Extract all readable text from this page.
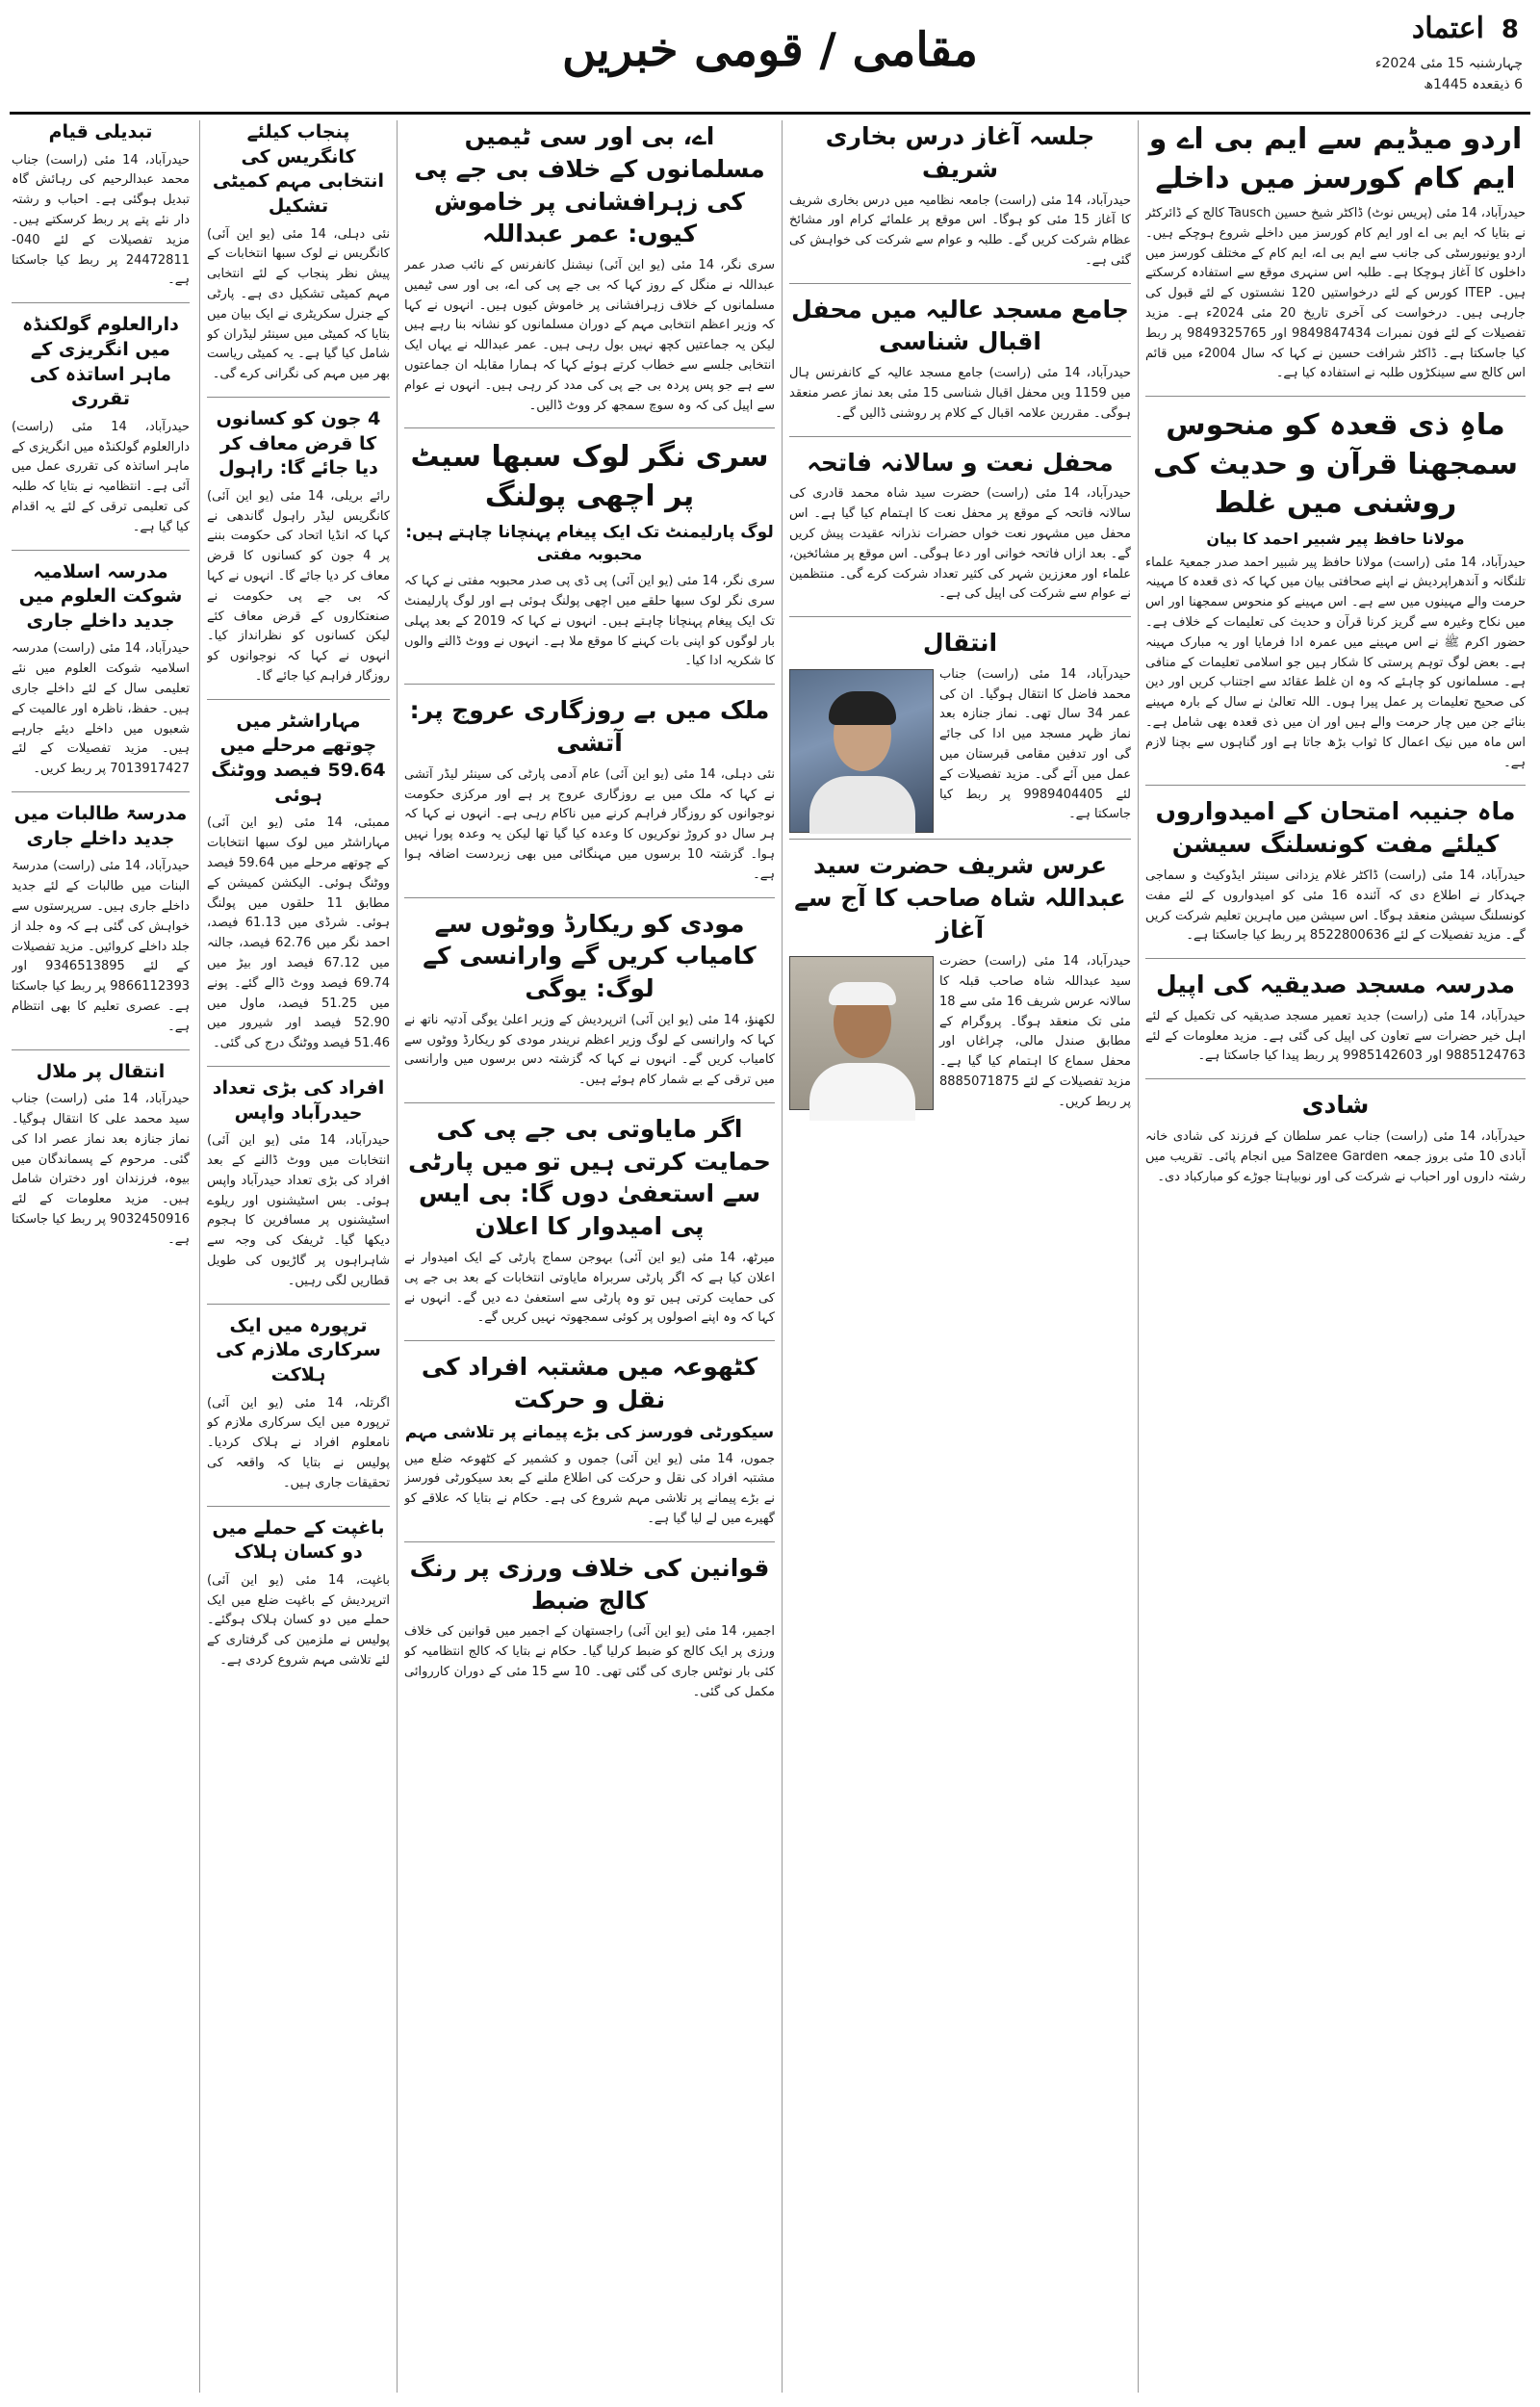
8
اعتماد
چہارشنبہ 15 مئی 2024ء
6 ذیقعدہ 1445ھ
مقامی / قومی خبریں
اردو میڈیم سے ایم بی اے و ایم کام کورسز میں داخلے
حیدرآباد، 14 مئی (پریس نوٹ) ڈاکٹر شیخ حسین Tausch کالج کے ڈائرکٹر نے بتایا کہ ایم بی اے اور ایم کام کورسز میں داخلے شروع ہوچکے ہیں۔ اردو یونیورسٹی کی جانب سے ایم بی اے، ایم کام کے مختلف کورسز میں داخلوں کا آغاز ہوچکا ہے۔ طلبہ اس سنہری موقع سے استفادہ کرسکتے ہیں۔ ITEP کورس کے لئے درخواستیں 120 نشستوں کے لئے قبول کی جارہی ہیں۔ درخواست کی آخری تاریخ 20 مئی 2024ء ہے۔ مزید تفصیلات کے لئے فون نمبرات 9849847434 اور 9849325765 پر ربط کیا جاسکتا ہے۔ ڈاکٹر شرافت حسین نے کہا کہ سال 2004ء میں قائم اس کالج سے سینکڑوں طلبہ نے استفادہ کیا ہے۔
ماہِ ذی قعدہ کو منحوس سمجھنا قرآن و حدیث کی روشنی میں غلط
مولانا حافظ پیر شبیر احمد کا بیان
حیدرآباد، 14 مئی (راست) مولانا حافظ پیر شبیر احمد صدر جمعیۃ علماء تلنگانہ و آندھراپردیش نے اپنے صحافتی بیان میں کہا کہ ذی قعدہ کا مہینہ حرمت والے مہینوں میں سے ہے۔ اس مہینے کو منحوس سمجھنا اور اس میں نکاح وغیرہ سے گریز کرنا قرآن و حدیث کی تعلیمات کے خلاف ہے۔ حضور اکرم ﷺ نے اس مہینے میں عمرہ ادا فرمایا اور یہ مبارک مہینہ ہے۔ بعض لوگ توہم پرستی کا شکار ہیں جو اسلامی تعلیمات کے منافی ہے۔ مسلمانوں کو چاہئے کہ وہ ان غلط عقائد سے اجتناب کریں اور دین کی صحیح تعلیمات پر عمل پیرا ہوں۔ اللہ تعالیٰ نے سال کے بارہ مہینے بنائے جن میں چار حرمت والے ہیں اور ان میں ذی قعدہ بھی شامل ہے۔ اس ماہ میں نیک اعمال کا ثواب بڑھ جاتا ہے اور گناہوں سے بچنا لازم ہے۔
ماہ جنیبہ امتحان کے امیدواروں کیلئے مفت کونسلنگ سیشن
حیدرآباد، 14 مئی (راست) ڈاکٹر غلام یزدانی سینئر ایڈوکیٹ و سماجی جہدکار نے اطلاع دی کہ آئندہ 16 مئی کو امیدواروں کے لئے مفت کونسلنگ سیشن منعقد ہوگا۔ اس سیشن میں ماہرین تعلیم شرکت کریں گے۔ مزید تفصیلات کے لئے 8522800636 پر ربط کیا جاسکتا ہے۔
مدرسہ مسجد صدیقیہ کی اپیل
حیدرآباد، 14 مئی (راست) جدید تعمیر مسجد صدیقیہ کی تکمیل کے لئے اہل خیر حضرات سے تعاون کی اپیل کی گئی ہے۔ مزید معلومات کے لئے 9885124763 اور 9985142603 پر ربط پیدا کیا جاسکتا ہے۔
شادی
حیدرآباد، 14 مئی (راست) جناب عمر سلطان کے فرزند کی شادی خانہ آبادی 10 مئی بروز جمعہ Salzee Garden میں انجام پائی۔ تقریب میں رشتہ داروں اور احباب نے شرکت کی اور نوبیاہتا جوڑے کو مبارکباد دی۔
جلسہ آغاز درس بخاری شریف
حیدرآباد، 14 مئی (راست) جامعہ نظامیہ میں درس بخاری شریف کا آغاز 15 مئی کو ہوگا۔ اس موقع پر علمائے کرام اور مشائخ عظام شرکت کریں گے۔ طلبہ و عوام سے شرکت کی خواہش کی گئی ہے۔
جامع مسجد عالیہ میں محفل اقبال شناسی
حیدرآباد، 14 مئی (راست) جامع مسجد عالیہ کے کانفرنس ہال میں 1159 ویں محفل اقبال شناسی 15 مئی بعد نماز عصر منعقد ہوگی۔ مقررین علامہ اقبال کے کلام پر روشنی ڈالیں گے۔
محفل نعت و سالانہ فاتحہ
حیدرآباد، 14 مئی (راست) حضرت سید شاہ محمد قادری کی سالانہ فاتحہ کے موقع پر محفل نعت کا اہتمام کیا گیا ہے۔ اس محفل میں مشہور نعت خواں حضرات نذرانہ عقیدت پیش کریں گے۔ بعد ازاں فاتحہ خوانی اور دعا ہوگی۔ اس موقع پر مشائخین، علماء اور معززین شہر کی کثیر تعداد شرکت کرے گی۔ منتظمین نے عوام سے شرکت کی اپیل کی ہے۔
انتقال
حیدرآباد، 14 مئی (راست) جناب محمد فاضل کا انتقال ہوگیا۔ ان کی عمر 34 سال تھی۔ نماز جنازہ بعد نماز ظہر مسجد میں ادا کی جائے گی اور تدفین مقامی قبرستان میں عمل میں آئے گی۔ مزید تفصیلات کے لئے 9989404405 پر ربط کیا جاسکتا ہے۔
عرس شریف حضرت سید عبداللہ شاہ صاحب کا آج سے آغاز
حیدرآباد، 14 مئی (راست) حضرت سید عبداللہ شاہ صاحب قبلہ کا سالانہ عرس شریف 16 مئی سے 18 مئی تک منعقد ہوگا۔ پروگرام کے مطابق صندل مالی، چراغاں اور محفل سماع کا اہتمام کیا گیا ہے۔ مزید تفصیلات کے لئے 8885071875 پر ربط کریں۔
اے، بی اور سی ٹیمیں مسلمانوں کے خلاف بی جے پی کی زہرافشانی پر خاموش کیوں: عمر عبداللہ
سری نگر، 14 مئی (یو این آئی) نیشنل کانفرنس کے نائب صدر عمر عبداللہ نے منگل کے روز کہا کہ بی جے پی کی اے، بی اور سی ٹیمیں مسلمانوں کے خلاف زہرافشانی پر خاموش کیوں ہیں۔ انہوں نے کہا کہ وزیر اعظم انتخابی مہم کے دوران مسلمانوں کو نشانہ بنا رہے ہیں لیکن یہ جماعتیں کچھ نہیں بول رہی ہیں۔ عمر عبداللہ نے یہاں ایک انتخابی جلسے سے خطاب کرتے ہوئے کہا کہ ہمارا مقابلہ ان جماعتوں سے ہے جو پس پردہ بی جے پی کی مدد کر رہی ہیں۔ انہوں نے عوام سے اپیل کی کہ وہ سوچ سمجھ کر ووٹ ڈالیں۔
سری نگر لوک سبھا سیٹ پر اچھی پولنگ
لوگ پارلیمنٹ تک ایک پیغام پہنچانا چاہتے ہیں: محبوبہ مفتی
سری نگر، 14 مئی (یو این آئی) پی ڈی پی صدر محبوبہ مفتی نے کہا کہ سری نگر لوک سبھا حلقے میں اچھی پولنگ ہوئی ہے اور لوگ پارلیمنٹ تک ایک پیغام پہنچانا چاہتے ہیں۔ انہوں نے کہا کہ 2019 کے بعد پہلی بار لوگوں کو اپنی بات کہنے کا موقع ملا ہے۔ انہوں نے ووٹ ڈالنے والوں کا شکریہ ادا کیا۔
ملک میں بے روزگاری عروج پر: آتشی
نئی دہلی، 14 مئی (یو این آئی) عام آدمی پارٹی کی سینئر لیڈر آتشی نے کہا کہ ملک میں بے روزگاری عروج پر ہے اور مرکزی حکومت نوجوانوں کو روزگار فراہم کرنے میں ناکام رہی ہے۔ انہوں نے کہا کہ ہر سال دو کروڑ نوکریوں کا وعدہ کیا گیا تھا لیکن یہ وعدہ پورا نہیں ہوا۔ گزشتہ 10 برسوں میں مہنگائی میں بھی زبردست اضافہ ہوا ہے۔
مودی کو ریکارڈ ووٹوں سے کامیاب کریں گے وارانسی کے لوگ: یوگی
لکھنؤ، 14 مئی (یو این آئی) اترپردیش کے وزیر اعلیٰ یوگی آدتیہ ناتھ نے کہا کہ وارانسی کے لوگ وزیر اعظم نریندر مودی کو ریکارڈ ووٹوں سے کامیاب کریں گے۔ انہوں نے کہا کہ گزشتہ دس برسوں میں وارانسی میں ترقی کے بے شمار کام ہوئے ہیں۔
اگر مایاوتی بی جے پی کی حمایت کرتی ہیں تو میں پارٹی سے استعفیٰ دوں گا: بی ایس پی امیدوار کا اعلان
میرٹھ، 14 مئی (یو این آئی) بہوجن سماج پارٹی کے ایک امیدوار نے اعلان کیا ہے کہ اگر پارٹی سربراہ مایاوتی انتخابات کے بعد بی جے پی کی حمایت کرتی ہیں تو وہ پارٹی سے استعفیٰ دے دیں گے۔ انہوں نے کہا کہ وہ اپنے اصولوں پر کوئی سمجھوتہ نہیں کریں گے۔
کٹھوعہ میں مشتبہ افراد کی نقل و حرکت
سیکورٹی فورسز کی بڑے پیمانے پر تلاشی مہم
جموں، 14 مئی (یو این آئی) جموں و کشمیر کے کٹھوعہ ضلع میں مشتبہ افراد کی نقل و حرکت کی اطلاع ملنے کے بعد سیکورٹی فورسز نے بڑے پیمانے پر تلاشی مہم شروع کی ہے۔ حکام نے بتایا کہ علاقے کو گھیرے میں لے لیا گیا ہے۔
قوانین کی خلاف ورزی پر رنگ کالج ضبط
اجمیر، 14 مئی (یو این آئی) راجستھان کے اجمیر میں قوانین کی خلاف ورزی پر ایک کالج کو ضبط کرلیا گیا۔ حکام نے بتایا کہ کالج انتظامیہ کو کئی بار نوٹس جاری کی گئی تھی۔ 10 سے 15 مئی کے دوران کارروائی مکمل کی گئی۔
پنجاب کیلئے کانگریس کی انتخابی مہم کمیٹی تشکیل
نئی دہلی، 14 مئی (یو این آئی) کانگریس نے لوک سبھا انتخابات کے پیش نظر پنجاب کے لئے انتخابی مہم کمیٹی تشکیل دی ہے۔ پارٹی کے جنرل سکریٹری نے ایک بیان میں بتایا کہ کمیٹی میں سینئر لیڈران کو شامل کیا گیا ہے۔ یہ کمیٹی ریاست بھر میں مہم کی نگرانی کرے گی۔
4 جون کو کسانوں کا قرض معاف کر دیا جائے گا: راہول
رائے بریلی، 14 مئی (یو این آئی) کانگریس لیڈر راہول گاندھی نے کہا کہ انڈیا اتحاد کی حکومت بننے پر 4 جون کو کسانوں کا قرض معاف کر دیا جائے گا۔ انہوں نے کہا کہ بی جے پی حکومت نے صنعتکاروں کے قرض معاف کئے لیکن کسانوں کو نظرانداز کیا۔ انہوں نے کہا کہ نوجوانوں کو روزگار فراہم کیا جائے گا۔
مہاراشٹر میں چوتھے مرحلے میں 59.64 فیصد ووٹنگ ہوئی
ممبئی، 14 مئی (یو این آئی) مہاراشٹر میں لوک سبھا انتخابات کے چوتھے مرحلے میں 59.64 فیصد ووٹنگ ہوئی۔ الیکشن کمیشن کے مطابق 11 حلقوں میں پولنگ ہوئی۔ شرڈی میں 61.13 فیصد، احمد نگر میں 62.76 فیصد، جالنہ میں 67.12 فیصد اور بیڑ میں 69.74 فیصد ووٹ ڈالے گئے۔ پونے میں 51.25 فیصد، ماول میں 52.90 فیصد اور شیرور میں 51.46 فیصد ووٹنگ درج کی گئی۔
افراد کی بڑی تعداد حیدرآباد واپس
حیدرآباد، 14 مئی (یو این آئی) انتخابات میں ووٹ ڈالنے کے بعد افراد کی بڑی تعداد حیدرآباد واپس ہوئی۔ بس اسٹیشنوں اور ریلوے اسٹیشنوں پر مسافرین کا ہجوم دیکھا گیا۔ ٹریفک کی وجہ سے شاہراہوں پر گاڑیوں کی طویل قطاریں لگی رہیں۔
ترپورہ میں ایک سرکاری ملازم کی ہلاکت
اگرتلہ، 14 مئی (یو این آئی) ترپورہ میں ایک سرکاری ملازم کو نامعلوم افراد نے ہلاک کردیا۔ پولیس نے بتایا کہ واقعہ کی تحقیقات جاری ہیں۔
باغپت کے حملے میں دو کسان ہلاک
باغپت، 14 مئی (یو این آئی) اترپردیش کے باغپت ضلع میں ایک حملے میں دو کسان ہلاک ہوگئے۔ پولیس نے ملزمین کی گرفتاری کے لئے تلاشی مہم شروع کردی ہے۔
تبدیلی قیام
حیدرآباد، 14 مئی (راست) جناب محمد عبدالرحیم کی رہائش گاہ تبدیل ہوگئی ہے۔ احباب و رشتہ دار نئے پتے پر ربط کرسکتے ہیں۔ مزید تفصیلات کے لئے 040-24472811 پر ربط کیا جاسکتا ہے۔
دارالعلوم گولکنڈہ میں انگریزی کے ماہر اساتذہ کی تقرری
حیدرآباد، 14 مئی (راست) دارالعلوم گولکنڈہ میں انگریزی کے ماہر اساتذہ کی تقرری عمل میں آئی ہے۔ انتظامیہ نے بتایا کہ طلبہ کی تعلیمی ترقی کے لئے یہ اقدام کیا گیا ہے۔
مدرسہ اسلامیہ شوکت العلوم میں جدید داخلے جاری
حیدرآباد، 14 مئی (راست) مدرسہ اسلامیہ شوکت العلوم میں نئے تعلیمی سال کے لئے داخلے جاری ہیں۔ حفظ، ناظرہ اور عالمیت کے شعبوں میں داخلے دیئے جارہے ہیں۔ مزید تفصیلات کے لئے 7013917427 پر ربط کریں۔
مدرسۃ طالبات میں جدید داخلے جاری
حیدرآباد، 14 مئی (راست) مدرسۃ البنات میں طالبات کے لئے جدید داخلے جاری ہیں۔ سرپرستوں سے خواہش کی گئی ہے کہ وہ جلد از جلد داخلے کروائیں۔ مزید تفصیلات کے لئے 9346513895 اور 9866112393 پر ربط کیا جاسکتا ہے۔ عصری تعلیم کا بھی انتظام ہے۔
انتقال پر ملال
حیدرآباد، 14 مئی (راست) جناب سید محمد علی کا انتقال ہوگیا۔ نماز جنازہ بعد نماز عصر ادا کی گئی۔ مرحوم کے پسماندگان میں بیوہ، فرزندان اور دختران شامل ہیں۔ مزید معلومات کے لئے 9032450916 پر ربط کیا جاسکتا ہے۔
